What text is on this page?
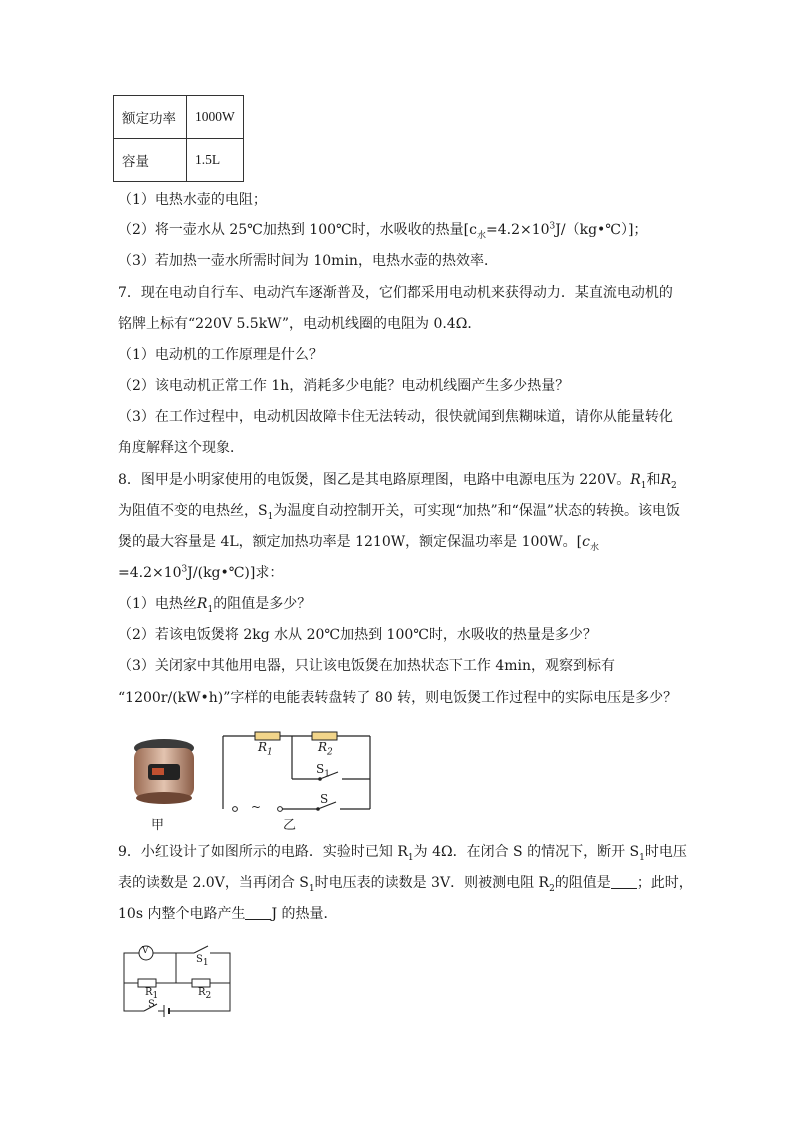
额定功率	1000W
容量	1.5L
（1）电热水壶的电阻；
（2）将一壶水从 25℃加热到 100℃时，水吸收的热量$[c_水=4.2\times 10^3J/(kg•℃)]$；
（3）若加热一壶水所需时间为 10min，电热水壶的热效率．
7．现在电动自行车、电动汽车逐渐普及，它们都采用电动机来获得动力．某直流电动机的
铭牌上标有“220V 5.5kW”，电动机线圈的电阻为 0.4Ω．
（1）电动机的工作原理是什么？
（2）该电动机正常工作 1h，消耗多少电能？电动机线圈产生多少热量？
（3）在工作过程中，电动机因故障卡住无法转动，很快就闻到焦糊味道，请你从能量转化
角度解释这个现象．
8．图甲是小明家使用的电饭煲，图乙是其电路原理图，电路中电源电压为 220V。$R_1$和$R_2$
为阻值不变的电热丝，$S_1$为温度自动控制开关，可实现“加热”和“保温”状态的转换。该电饭
煲的最大容量是 4L，额定加热功率是 1210W，额定保温功率是 100W。[$c_水$
$=4.2\times 10^3J/(kg•℃)$]求：
（1）电热丝$R_1$的阻值是多少？
（2）若该电饭煲将 2kg 水从 20℃加热到 100℃时，水吸收的热量是多少？
（3）关闭家中其他用电器，只让该电饭煲在加热状态下工作 4min，观察到标有
“1200r/(kW•h)”字样的电能表转盘转了 80 转，则电饭煲工作过程中的实际电压是多少？
甲
$R_1$	$R_2$
$S_1$
S
~
乙
9．小红设计了如图所示的电路．实验时已知 $R_1$为 4Ω．在闭合 S 的情况下，断开 $S_1$时电压
表的读数是 2.0V，当再闭合 $S_1$时电压表的读数是 3V．则被测电阻 $R_2$的阻值是 ；此时，
10s 内整个电路产生 J 的热量．
V
$S_1$
$R_1$	$R_2$
S
